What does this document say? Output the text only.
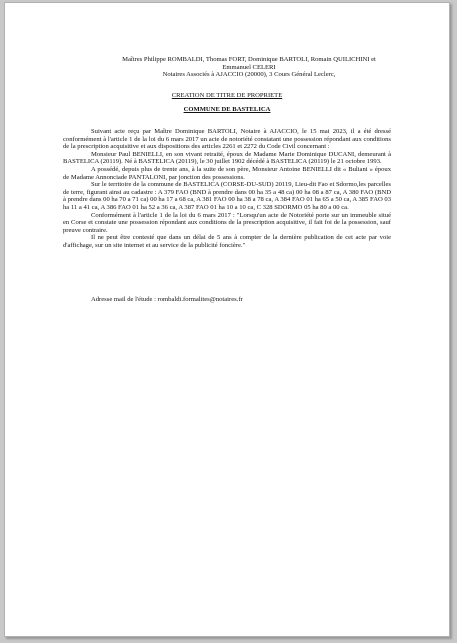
Maîtres Philippe ROMBALDI, Thomas FORT, Dominique BARTOLI, Romain QUILICHINI et
Emmanuel CELERI
Notaires Associés à AJACCIO (20000), 3 Cours Général Leclerc,
CREATION DE TITRE DE PROPRIETE
COMMUNE DE BASTELICA

Suivant acte reçu par Maître Dominique BARTOLI, Notaire à AJACCIO, le 15 mai 2023, il a été dressé conformément à l'article 1 de la loi du 6 mars 2017 un acte de notoriété constatant une possession répondant aux conditions de la prescription acquisitive et aux dispositions des articles 2261 et 2272 du Code Civil concernant :

Monsieur Paul BENIELLI, en son vivant retraité, époux de Madame Marie Dominique DUCANI, demeurant à BASTELICA (20119). Né à BASTELICA (20119), le 30 juillet 1902 décédé à BASTELICA (20119) le 21 octobre 1993.

A possédé, depuis plus de trente ans, à la suite de son père, Monsieur Antoine BENIELLI dit « Buliani » époux de Madame Annonciade PANTALONI, par jonction des possessions.

Sur le territoire de la commune de BASTELICA (CORSE-DU-SUD) 20119, Lieu-dit Fao et Sdormo,les parcelles de terre, figurant ainsi au cadastre : A 379 FAO (BND à prendre dans 00 ha 35 a 48 ca) 00 ha 08 a 87 ca, A 380 FAO (BND à prendre dans 00 ha 70 a 71 ca) 00 ha 17 a 68 ca, A 381 FAO 00 ha 38 a 78 ca, A 384 FAO 01 ha 65 a 50 ca, A 385 FAO 03 ha 11 a 41 ca, A 386 FAO 01 ha 52 a 36 ca, A 387 FAO 01 ha 10 a 10 ca, C 328 SDORMO 05 ha 80 a 00 ca.

Conformément à l'article 1 de la loi du 6 mars 2017 : "Lorsqu'un acte de Notoriété porte sur un immeuble situé en Corse et constate une possession répondant aux conditions de la prescription acquisitive, il fait foi de la possession, sauf preuve contraire.

Il ne peut être contesté que dans un délai de 5 ans à compter de la dernière publication de cet acte par voie d'affichage, sur un site internet et au service de la publicité foncière."

Adresse mail de l'étude : rombaldi.formalites@notaires.fr
